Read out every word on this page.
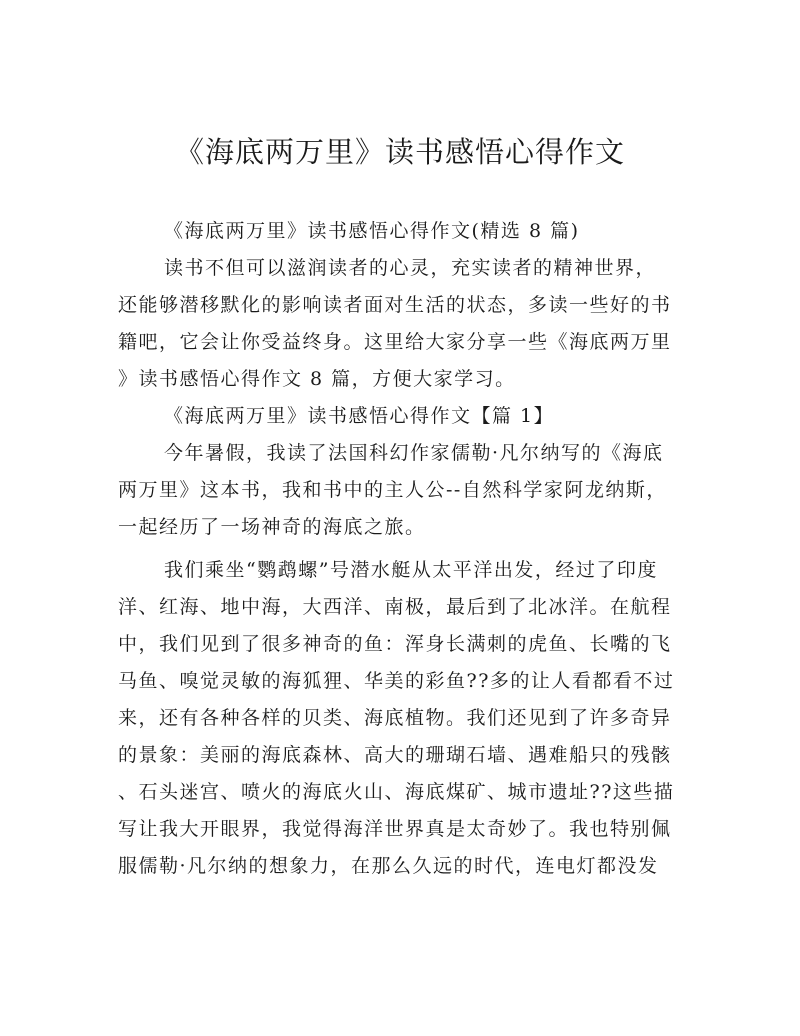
《海底两万里》读书感悟心得作文
《海底两万里》读书感悟心得作文(精选 8 篇)
读书不但可以滋润读者的心灵，充实读者的精神世界，
还能够潜移默化的影响读者面对生活的状态，多读一些好的书
籍吧，它会让你受益终身。这里给大家分享一些《海底两万里
》读书感悟心得作文 8 篇，方便大家学习。
《海底两万里》读书感悟心得作文【篇 1】
今年暑假，我读了法国科幻作家儒勒·凡尔纳写的《海底
两万里》这本书，我和书中的主人公--自然科学家阿龙纳斯，
一起经历了一场神奇的海底之旅。
我们乘坐“鹦鹉螺”号潜水艇从太平洋出发，经过了印度
洋、红海、地中海，大西洋、南极，最后到了北冰洋。在航程
中，我们见到了很多神奇的鱼：浑身长满刺的虎鱼、长嘴的飞
马鱼、嗅觉灵敏的海狐狸、华美的彩鱼??多的让人看都看不过
来，还有各种各样的贝类、海底植物。我们还见到了许多奇异
的景象：美丽的海底森林、高大的珊瑚石墙、遇难船只的残骸
、石头迷宫、喷火的海底火山、海底煤矿、城市遗址??这些描
写让我大开眼界，我觉得海洋世界真是太奇妙了。我也特别佩
服儒勒·凡尔纳的想象力，在那么久远的时代，连电灯都没发
